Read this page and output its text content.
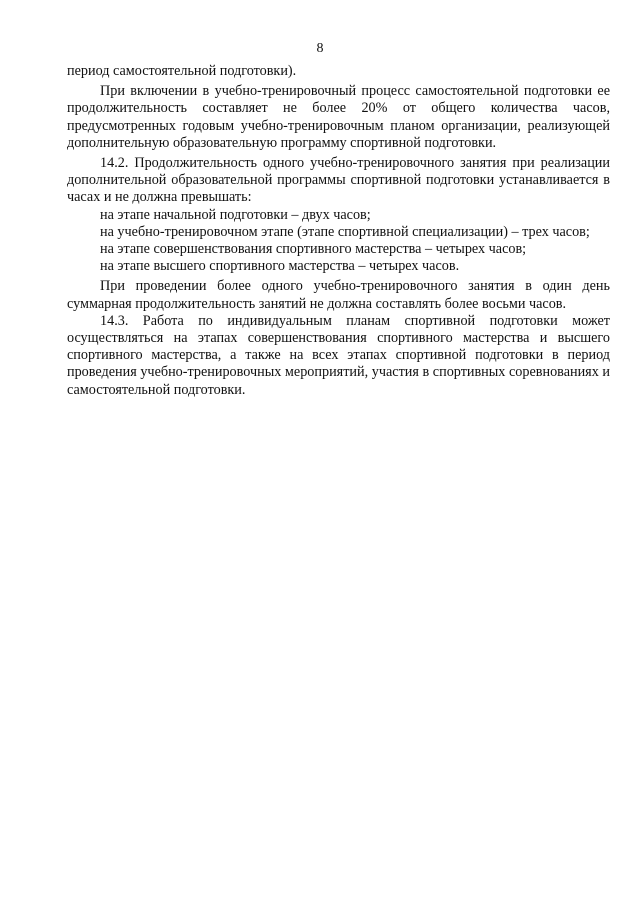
8

период самостоятельной подготовки).

При включении в учебно-тренировочный процесс самостоятельной подготовки ее продолжительность составляет не более 20% от общего количества часов, предусмотренных годовым учебно-тренировочным планом организации, реализующей дополнительную образовательную программу спортивной подготовки.

14.2. Продолжительность одного учебно-тренировочного занятия при реализации дополнительной образовательной программы спортивной подготовки устанавливается в часах и не должна превышать:

на этапе начальной подготовки – двух часов;

на учебно-тренировочном этапе (этапе спортивной специализации) – трех часов;

на этапе совершенствования спортивного мастерства – четырех часов;

на этапе высшего спортивного мастерства – четырех часов.

При проведении более одного учебно-тренировочного занятия в один день суммарная продолжительность занятий не должна составлять более восьми часов.

14.3. Работа по индивидуальным планам спортивной подготовки может осуществляться на этапах совершенствования спортивного мастерства и высшего спортивного мастерства, а также на всех этапах спортивной подготовки в период проведения учебно-тренировочных мероприятий, участия в спортивных соревнованиях и самостоятельной подготовки.
